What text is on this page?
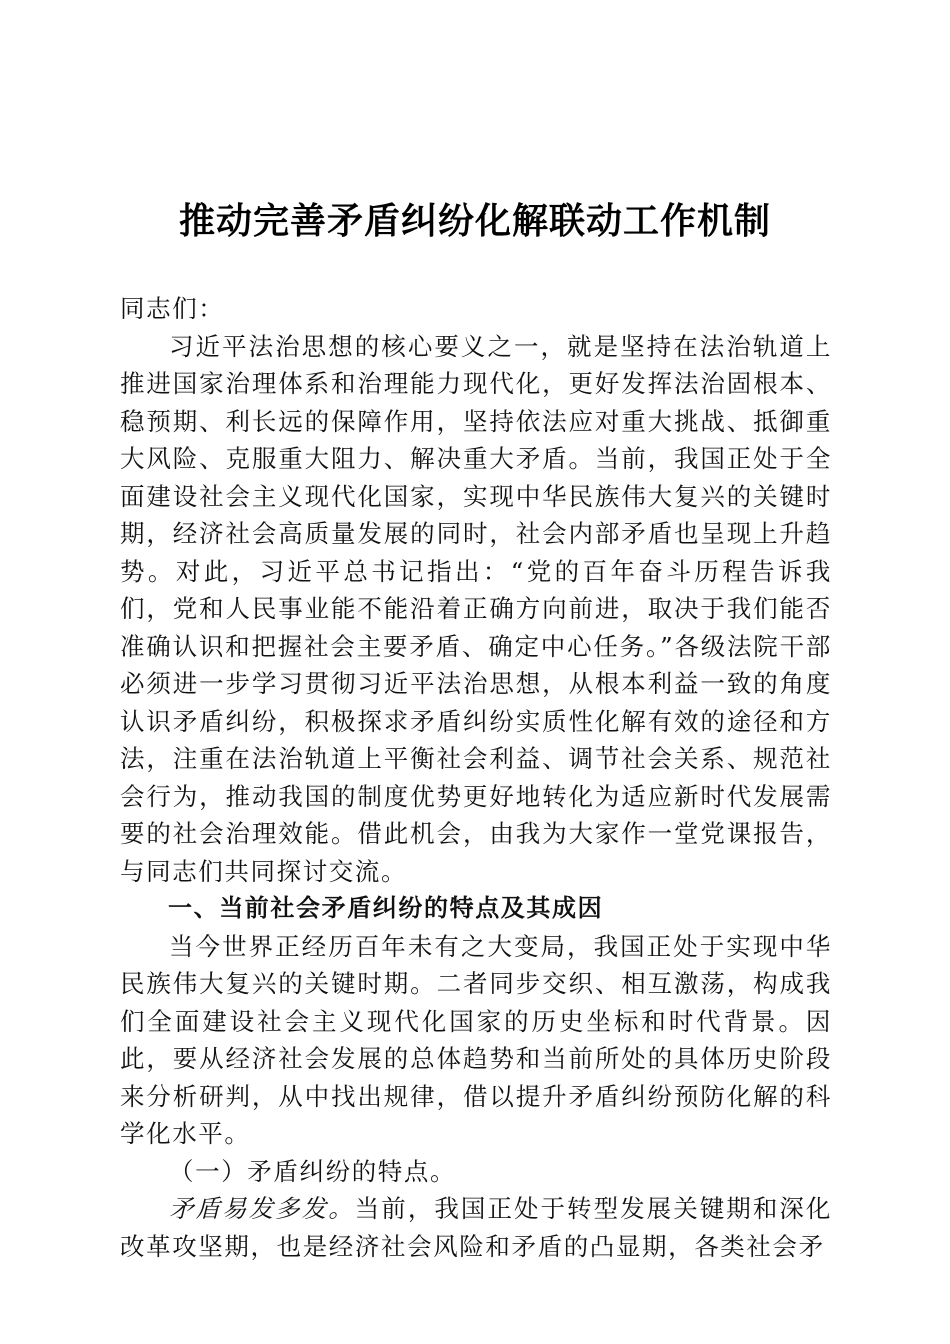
推动完善矛盾纠纷化解联动工作机制

同志们：

习近平法治思想的核心要义之一，就是坚持在法治轨道上推进国家治理体系和治理能力现代化，更好发挥法治固根本、稳预期、利长远的保障作用，坚持依法应对重大挑战、抵御重大风险、克服重大阻力、解决重大矛盾。当前，我国正处于全面建设社会主义现代化国家，实现中华民族伟大复兴的关键时期，经济社会高质量发展的同时，社会内部矛盾也呈现上升趋势。对此，习近平总书记指出：“党的百年奋斗历程告诉我们，党和人民事业能不能沿着正确方向前进，取决于我们能否准确认识和把握社会主要矛盾、确定中心任务。”各级法院干部必须进一步学习贯彻习近平法治思想，从根本利益一致的角度认识矛盾纠纷，积极探求矛盾纠纷实质性化解有效的途径和方法，注重在法治轨道上平衡社会利益、调节社会关系、规范社会行为，推动我国的制度优势更好地转化为适应新时代发展需要的社会治理效能。借此机会，由我为大家作一堂党课报告，与同志们共同探讨交流。

一、当前社会矛盾纠纷的特点及其成因

当今世界正经历百年未有之大变局，我国正处于实现中华民族伟大复兴的关键时期。二者同步交织、相互激荡，构成我们全面建设社会主义现代化国家的历史坐标和时代背景。因此，要从经济社会发展的总体趋势和当前所处的具体历史阶段来分析研判，从中找出规律，借以提升矛盾纠纷预防化解的科学化水平。

（一）矛盾纠纷的特点。

矛盾易发多发。当前，我国正处于转型发展关键期和深化改革攻坚期，也是经济社会风险和矛盾的凸显期，各类社会矛
